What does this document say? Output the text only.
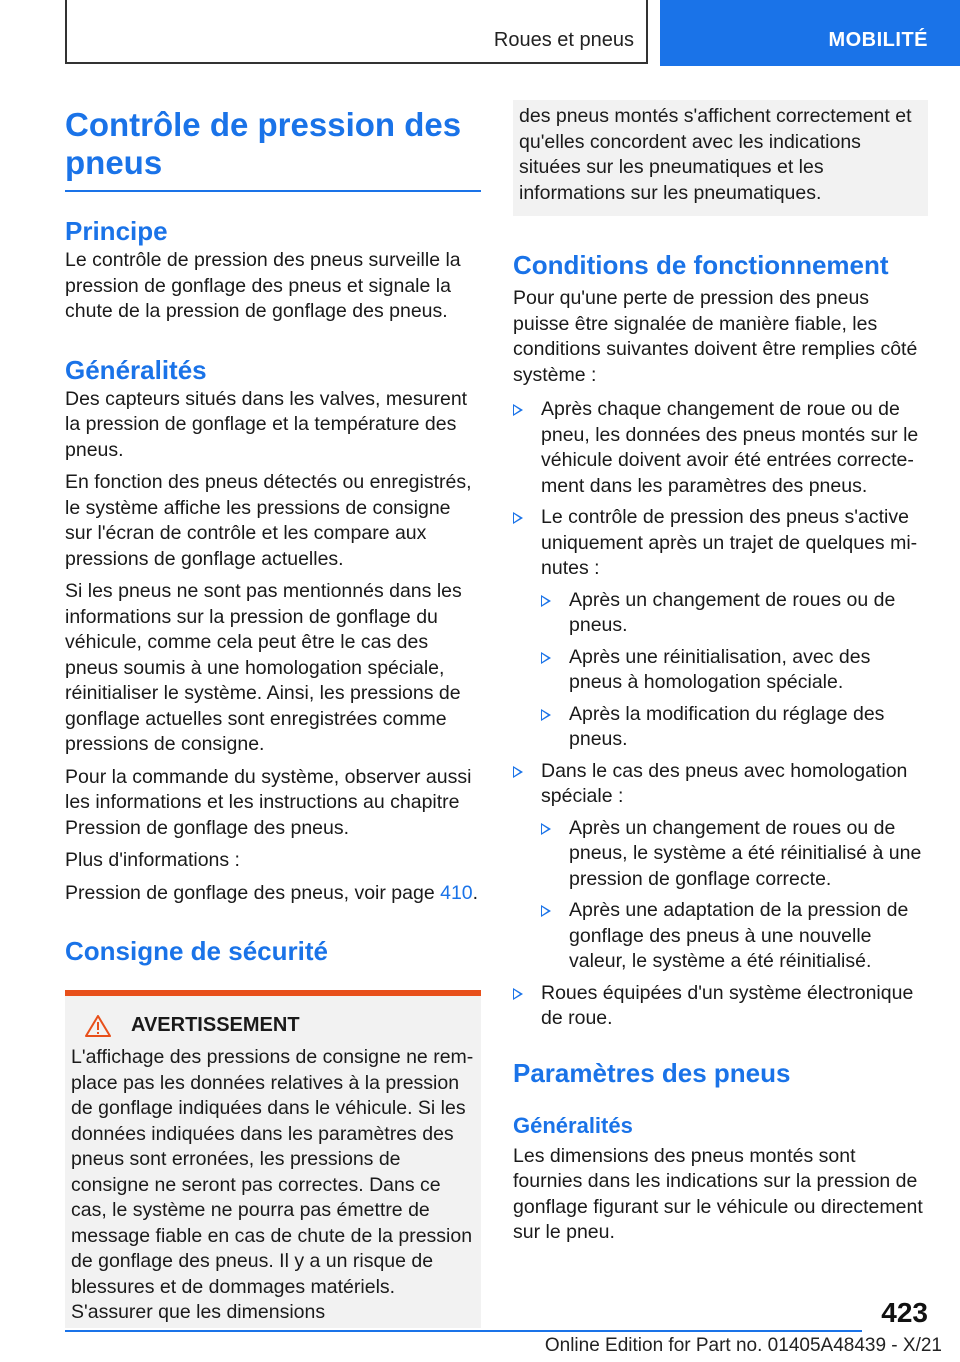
Roues et pneus	MOBILITÉ
Contrôle de pression des pneus
Principe

Le contrôle de pression des pneus surveille la pression de gonflage des pneus et signale la chute de la pression de gonflage des pneus.

Généralités

Des capteurs situés dans les valves, mesurent la pression de gonflage et la température des pneus.

En fonction des pneus détectés ou enregistrés, le système affiche les pressions de consigne sur l'écran de contrôle et les compare aux pressions de gonflage actuelles.

Si les pneus ne sont pas mentionnés dans les informations sur la pression de gonflage du véhicule, comme cela peut être le cas des pneus soumis à une homologation spéciale, réinitialiser le système. Ainsi, les pressions de gonflage actuelles sont enregistrées comme pressions de consigne.

Pour la commande du système, observer aussi les informations et les instructions au chapitre Pression de gonflage des pneus.

Plus d'informations :

Pression de gonflage des pneus, voir page 410.

Consigne de sécurité
AVERTISSEMENT

L'affichage des pressions de consigne ne remplace pas les données relatives à la pression de gonflage indiquées dans le véhicule. Si les données indiquées dans les paramètres des pneus sont erronées, les pressions de consigne ne seront pas correctes. Dans ce cas, le système ne pourra pas émettre de message fiable en cas de chute de la pression de gonflage des pneus. Il y a un risque de blessures et de dommages matériels. S'assurer que les dimensions

des pneus montés s'affichent correctement et qu'elles concordent avec les indications situées sur les pneumatiques et les informations sur les pneumatiques.

Conditions de fonctionnement

Pour qu'une perte de pression des pneus puisse être signalée de manière fiable, les conditions suivantes doivent être remplies côté système :

Après chaque changement de roue ou de pneu, les données des pneus montés sur le véhicule doivent avoir été entrées correctement dans les paramètres des pneus.

Le contrôle de pression des pneus s'active uniquement après un trajet de quelques minutes :

Après un changement de roues ou de pneus.

Après une réinitialisation, avec des pneus à homologation spéciale.

Après la modification du réglage des pneus.

Dans le cas des pneus avec homologation spéciale :

Après un changement de roues ou de pneus, le système a été réinitialisé à une pression de gonflage correcte.

Après une adaptation de la pression de gonflage des pneus à une nouvelle valeur, le système a été réinitialisé.

Roues équipées d'un système électronique de roue.

Paramètres des pneus
Généralités

Les dimensions des pneus montés sont fournies dans les indications sur la pression de gonflage figurant sur le véhicule ou directement sur le pneu.

423
Online Edition for Part no. 01405A48439 - X/21
